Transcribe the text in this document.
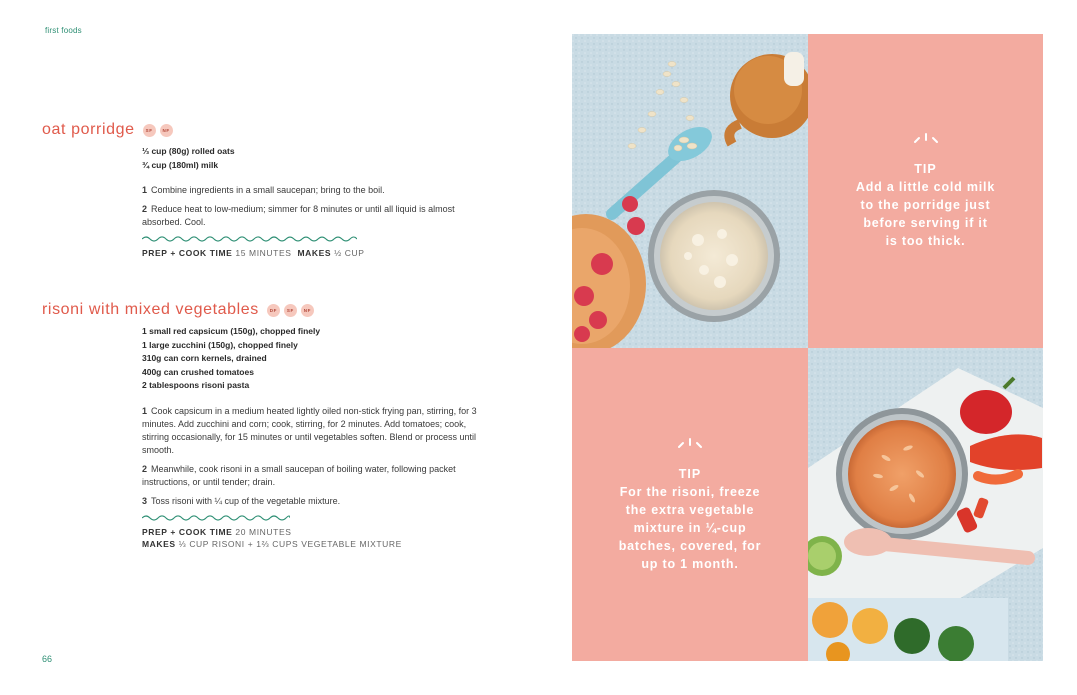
first foods
oat porridge	SF	NF
⅓ cup (80g) rolled oats
¾ cup (180ml) milk
1 Combine ingredients in a small saucepan; bring to the boil.
2 Reduce heat to low-medium; simmer for 8 minutes or until all liquid is almost absorbed. Cool.
PREP + COOK TIME 15 MINUTES MAKES ½ CUP
risoni with mixed vegetables	DF	SF	NF
1 small red capsicum (150g), chopped finely
1 large zucchini (150g), chopped finely
310g can corn kernels, drained
400g can crushed tomatoes
2 tablespoons risoni pasta
1 Cook capsicum in a medium heated lightly oiled non-stick frying pan, stirring, for 3 minutes. Add zucchini and corn; cook, stirring, for 2 minutes. Add tomatoes; cook, stirring occasionally, for 15 minutes or until vegetables soften. Blend or process until smooth.
2 Meanwhile, cook risoni in a small saucepan of boiling water, following packet instructions, or until tender; drain.
3 Toss risoni with ¼ cup of the vegetable mixture.
PREP + COOK TIME 20 MINUTES
MAKES ⅓ CUP RISONI + 1⅔ CUPS VEGETABLE MIXTURE
66
TIP
Add a little cold milk
to the porridge just
before serving if it
is too thick.
TIP
For the risoni, freeze
the extra vegetable
mixture in ¼-cup
batches, covered, for
up to 1 month.
